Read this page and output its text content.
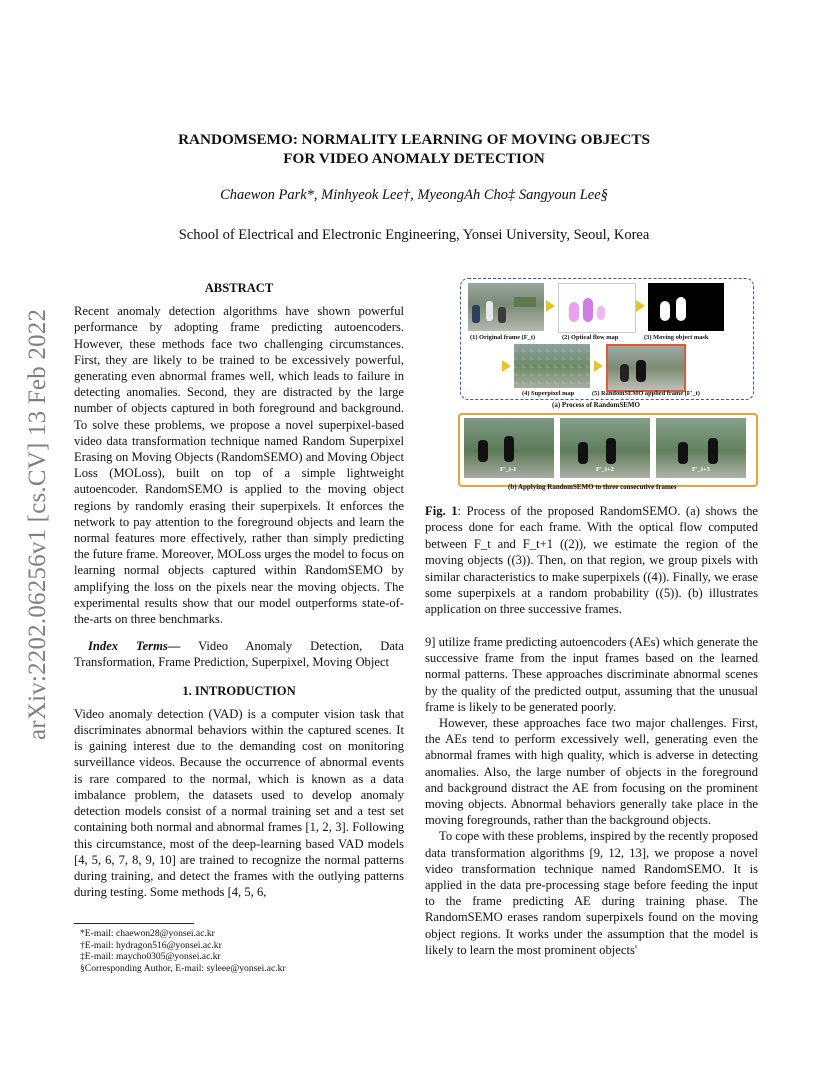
arXiv:2202.06256v1 [cs.CV] 13 Feb 2022
RANDOMSEMO: NORMALITY LEARNING OF MOVING OBJECTS
FOR VIDEO ANOMALY DETECTION
Chaewon Park*, Minhyeok Lee†, MyeongAh Cho‡ Sangyoun Lee§
School of Electrical and Electronic Engineering, Yonsei University, Seoul, Korea
ABSTRACT

Recent anomaly detection algorithms have shown powerful performance by adopting frame predicting autoencoders. However, these methods face two challenging circumstances. First, they are likely to be trained to be excessively powerful, generating even abnormal frames well, which leads to failure in detecting anomalies. Second, they are distracted by the large number of objects captured in both foreground and background. To solve these problems, we propose a novel superpixel-based video data transformation technique named Random Superpixel Erasing on Moving Objects (RandomSEMO) and Moving Object Loss (MOLoss), built on top of a simple lightweight autoencoder. RandomSEMO is applied to the moving object regions by randomly erasing their superpixels. It enforces the network to pay attention to the foreground objects and learn the normal features more effectively, rather than simply predicting the future frame. Moreover, MOLoss urges the model to focus on learning normal objects captured within RandomSEMO by amplifying the loss on the pixels near the moving objects. The experimental results show that our model outperforms state-of-the-arts on three benchmarks.

Index Terms— Video Anomaly Detection, Data Transformation, Frame Prediction, Superpixel, Moving Object

1. INTRODUCTION

Video anomaly detection (VAD) is a computer vision task that discriminates abnormal behaviors within the captured scenes. It is gaining interest due to the demanding cost on monitoring surveillance videos. Because the occurrence of abnormal events is rare compared to the normal, which is known as a data imbalance problem, the datasets used to develop anomaly detection models consist of a normal training set and a test set containing both normal and abnormal frames [1, 2, 3]. Following this circumstance, most of the deep-learning based VAD models [4, 5, 6, 7, 8, 9, 10] are trained to recognize the normal patterns during training, and detect the frames with the outlying patterns during testing. Some methods [4, 5, 6,

*E-mail: chaewon28@yonsei.ac.kr
†E-mail: hydragon516@yonsei.ac.kr
‡E-mail: maycho0305@yonsei.ac.kr
§Corresponding Author, E-mail: syleee@yonsei.ac.kr
(1) Original frame (F_t)	(2) Optical flow map	(3) Moving object mask
(4) Superpixel map	(5) RandomSEMO applied frame (F'_t)
(a) Process of RandomSEMO
F'_t-1	F'_t+2	F'_t+3
(b) Applying RandomSEMO to three consecutive frames
Fig. 1: Process of the proposed RandomSEMO. (a) shows the process done for each frame. With the optical flow computed between F_t and F_t+1 ((2)), we estimate the region of the moving objects ((3)). Then, on that region, we group pixels with similar characteristics to make superpixels ((4)). Finally, we erase some superpixels at a random probability ((5)). (b) illustrates application on three successive frames.

9] utilize frame predicting autoencoders (AEs) which generate the successive frame from the input frames based on the learned normal patterns. These approaches discriminate abnormal scenes by the quality of the predicted output, assuming that the unusual frame is likely to be generated poorly.

However, these approaches face two major challenges. First, the AEs tend to perform excessively well, generating even the abnormal frames with high quality, which is adverse in detecting anomalies. Also, the large number of objects in the foreground and background distract the AE from focusing on the prominent moving objects. Abnormal behaviors generally take place in the moving foregrounds, rather than the background objects.

To cope with these problems, inspired by the recently proposed data transformation algorithms [9, 12, 13], we propose a novel video transformation technique named RandomSEMO. It is applied in the data pre-processing stage before feeding the input to the frame predicting AE during training phase. The RandomSEMO erases random superpixels found on the moving object regions. It works under the assumption that the model is likely to learn the most prominent objects'
